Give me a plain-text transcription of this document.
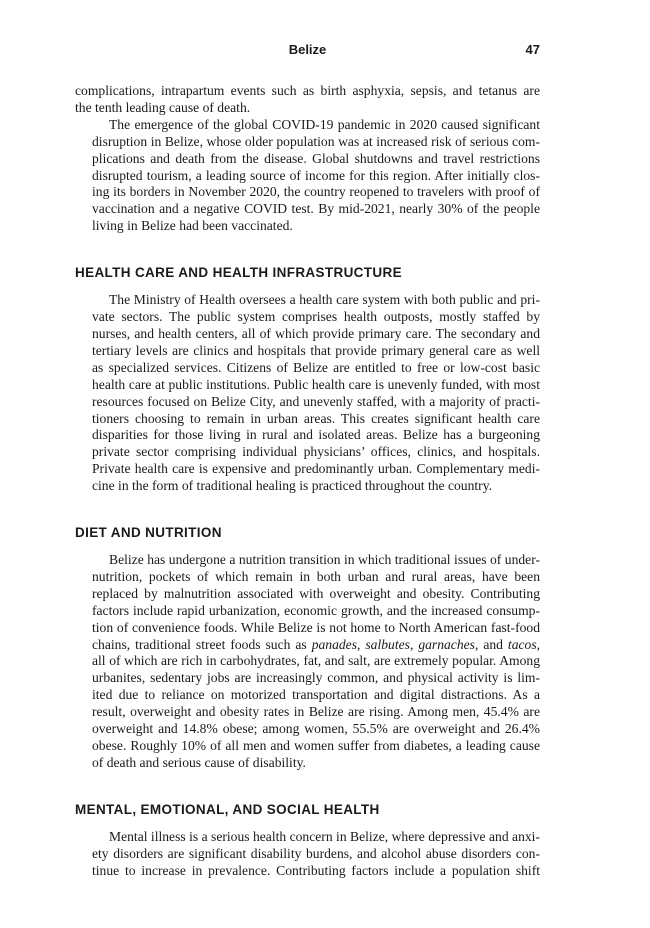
Belize	47

complications, intrapartum events such as birth asphyxia, sepsis, and tetanus are
the tenth leading cause of death.

The emergence of the global COVID-19 pandemic in 2020 caused significant
disruption in Belize, whose older population was at increased risk of serious com-
plications and death from the disease. Global shutdowns and travel restrictions
disrupted tourism, a leading source of income for this region. After initially clos-
ing its borders in November 2020, the country reopened to travelers with proof of
vaccination and a negative COVID test. By mid-2021, nearly 30% of the people
living in Belize had been vaccinated.

HEALTH CARE AND HEALTH INFRASTRUCTURE

The Ministry of Health oversees a health care system with both public and pri-
vate sectors. The public system comprises health outposts, mostly staffed by
nurses, and health centers, all of which provide primary care. The secondary and
tertiary levels are clinics and hospitals that provide primary general care as well
as specialized services. Citizens of Belize are entitled to free or low-cost basic
health care at public institutions. Public health care is unevenly funded, with most
resources focused on Belize City, and unevenly staffed, with a majority of practi-
tioners choosing to remain in urban areas. This creates significant health care
disparities for those living in rural and isolated areas. Belize has a burgeoning
private sector comprising individual physicians’ offices, clinics, and hospitals.
Private health care is expensive and predominantly urban. Complementary medi-
cine in the form of traditional healing is practiced throughout the country.

DIET AND NUTRITION

Belize has undergone a nutrition transition in which traditional issues of under-
nutrition, pockets of which remain in both urban and rural areas, have been
replaced by malnutrition associated with overweight and obesity. Contributing
factors include rapid urbanization, economic growth, and the increased consump-
tion of convenience foods. While Belize is not home to North American fast-food
chains, traditional street foods such as panades, salbutes, garnaches, and tacos,
all of which are rich in carbohydrates, fat, and salt, are extremely popular. Among
urbanites, sedentary jobs are increasingly common, and physical activity is lim-
ited due to reliance on motorized transportation and digital distractions. As a
result, overweight and obesity rates in Belize are rising. Among men, 45.4% are
overweight and 14.8% obese; among women, 55.5% are overweight and 26.4%
obese. Roughly 10% of all men and women suffer from diabetes, a leading cause
of death and serious cause of disability.

MENTAL, EMOTIONAL, AND SOCIAL HEALTH

Mental illness is a serious health concern in Belize, where depressive and anxi-
ety disorders are significant disability burdens, and alcohol abuse disorders con-
tinue to increase in prevalence. Contributing factors include a population shift
